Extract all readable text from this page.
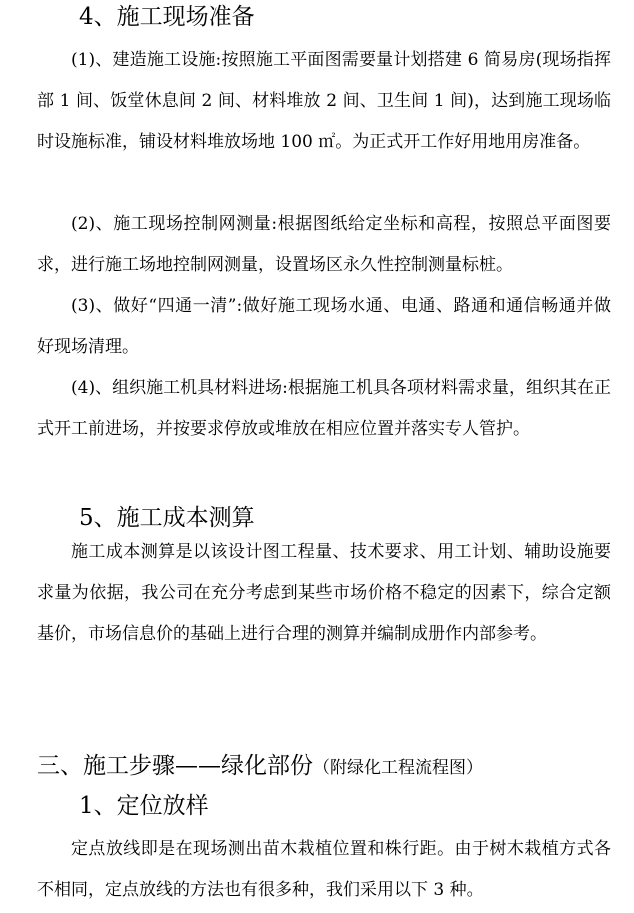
4、施工现场准备

(1)、建造施工设施:按照施工平面图需要量计划搭建 6 简易房(现场指挥部 1 间、饭堂休息间 2 间、材料堆放 2 间、卫生间 1 间)，达到施工现场临时设施标准，铺设材料堆放场地 100 ㎡。为正式开工作好用地用房准备。

(2)、施工现场控制网测量:根据图纸给定坐标和高程，按照总平面图要求，进行施工场地控制网测量，设置场区永久性控制测量标桩。

(3)、做好“四通一清”:做好施工现场水通、电通、路通和通信畅通并做好现场清理。

(4)、组织施工机具材料进场:根据施工机具各项材料需求量，组织其在正式开工前进场，并按要求停放或堆放在相应位置并落实专人管护。

5、施工成本测算

施工成本测算是以该设计图工程量、技术要求、用工计划、辅助设施要求量为依据，我公司在充分考虑到某些市场价格不稳定的因素下，综合定额基价，市场信息价的基础上进行合理的测算并编制成册作内部参考。

三、施工步骤——绿化部份（附绿化工程流程图）
1、定位放样

定点放线即是在现场测出苗木栽植位置和株行距。由于树木栽植方式各不相同，定点放线的方法也有很多种，我们采用以下 3 种。
